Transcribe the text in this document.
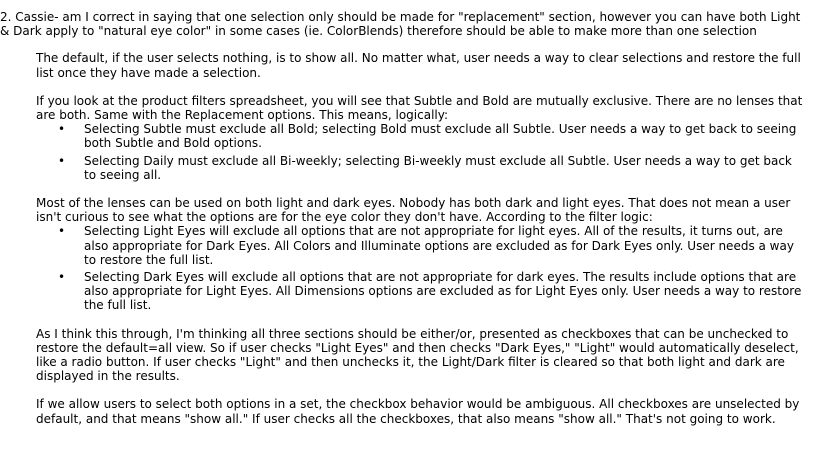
2. Cassie- am I correct in saying that one selection only should be made for "replacement" section, however you can have both Light & Dark apply to "natural eye color" in some cases (ie. ColorBlends) therefore should be able to make more than one selection

The default, if the user selects nothing, is to show all. No matter what, user needs a way to clear selections and restore the full list once they have made a selection.

If you look at the product filters spreadsheet, you will see that Subtle and Bold are mutually exclusive. There are no lenses that are both. Same with the Replacement options. This means, logically:

• Selecting Subtle must exclude all Bold; selecting Bold must exclude all Subtle. User needs a way to get back to seeing both Subtle and Bold options.
• Selecting Daily must exclude all Bi-weekly; selecting Bi-weekly must exclude all Subtle. User needs a way to get back to seeing all.

Most of the lenses can be used on both light and dark eyes. Nobody has both dark and light eyes. That does not mean a user isn't curious to see what the options are for the eye color they don't have. According to the filter logic:

• Selecting Light Eyes will exclude all options that are not appropriate for light eyes. All of the results, it turns out, are also appropriate for Dark Eyes. All Colors and Illuminate options are excluded as for Dark Eyes only. User needs a way to restore the full list.
• Selecting Dark Eyes will exclude all options that are not appropriate for dark eyes. The results include options that are also appropriate for Light Eyes. All Dimensions options are excluded as for Light Eyes only. User needs a way to restore the full list.

As I think this through, I'm thinking all three sections should be either/or, presented as checkboxes that can be unchecked to restore the default=all view. So if user checks "Light Eyes" and then checks "Dark Eyes," "Light" would automatically deselect, like a radio button. If user checks "Light" and then unchecks it, the Light/Dark filter is cleared so that both light and dark are displayed in the results.

If we allow users to select both options in a set, the checkbox behavior would be ambiguous. All checkboxes are unselected by default, and that means "show all." If user checks all the checkboxes, that also means "show all." That's not going to work.
